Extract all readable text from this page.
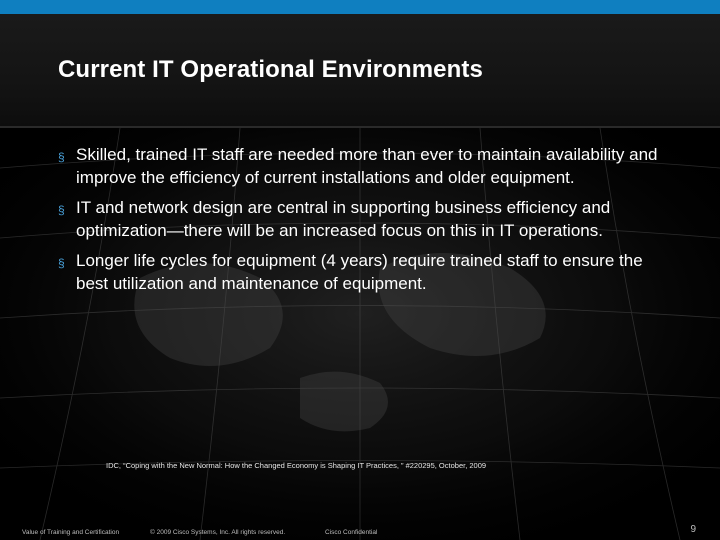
Current IT Operational Environments
§ Skilled, trained IT staff are needed more than ever to maintain availability and improve the efficiency of current installations and older equipment.
§ IT and network design are central in supporting business efficiency and optimization—there will be an increased focus on this in IT operations.
§ Longer life cycles for equipment (4 years) require trained staff to ensure the best utilization and maintenance of equipment.
IDC, “Coping with the New Normal: How the Changed Economy is Shaping IT Practices, ” #220295, October, 2009
Value of Training and Certification	© 2009 Cisco Systems, Inc. All rights reserved.	Cisco Confidential	9
